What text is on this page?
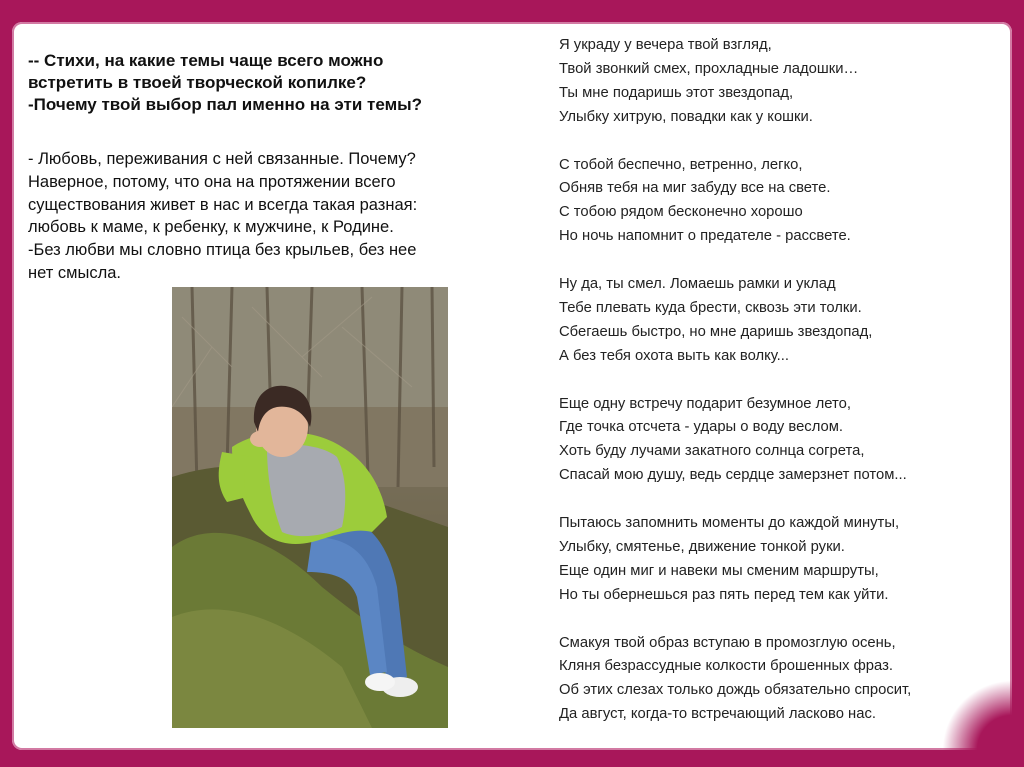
-- Стихи, на какие темы чаще всего можно
встретить в твоей творческой копилке?
-Почему твой выбор пал именно на эти темы?
- Любовь, переживания с ней связанные. Почему?
Наверное, потому, что она на протяжении всего
существования живет в нас и всегда такая разная:
любовь к маме, к ребенку, к мужчине, к Родине.
-Без любви мы словно птица без крыльев, без нее
нет смысла.
Я украду у вечера твой взгляд,
Твой звонкий смех, прохладные ладошки…
Ты мне подаришь этот звездопад,
Улыбку хитрую, повадки как у кошки.
С тобой беспечно, ветренно, легко,
Обняв тебя на миг забуду все на свете.
С тобою рядом бесконечно хорошо
Но ночь напомнит о предателе - рассвете.
Ну да, ты смел. Ломаешь рамки и уклад
Тебе плевать куда брести, сквозь эти толки.
Сбегаешь быстро, но мне даришь звездопад,
А без тебя охота выть как волку...
Еще одну встречу подарит безумное лето,
Где точка отсчета - удары о воду веслом.
Хоть буду лучами закатного солнца согрета,
Спасай мою душу, ведь сердце замерзнет потом...
Пытаюсь запомнить моменты до каждой минуты,
Улыбку, смятенье, движение тонкой руки.
Еще один миг и навеки мы сменим маршруты,
Но ты обернешься раз пять перед тем как уйти.
Смакуя твой образ вступаю в промозглую осень,
Кляня безрассудные колкости брошенных фраз.
Об этих слезах только дождь обязательно спросит,
Да август, когда-то встречающий ласково нас.
